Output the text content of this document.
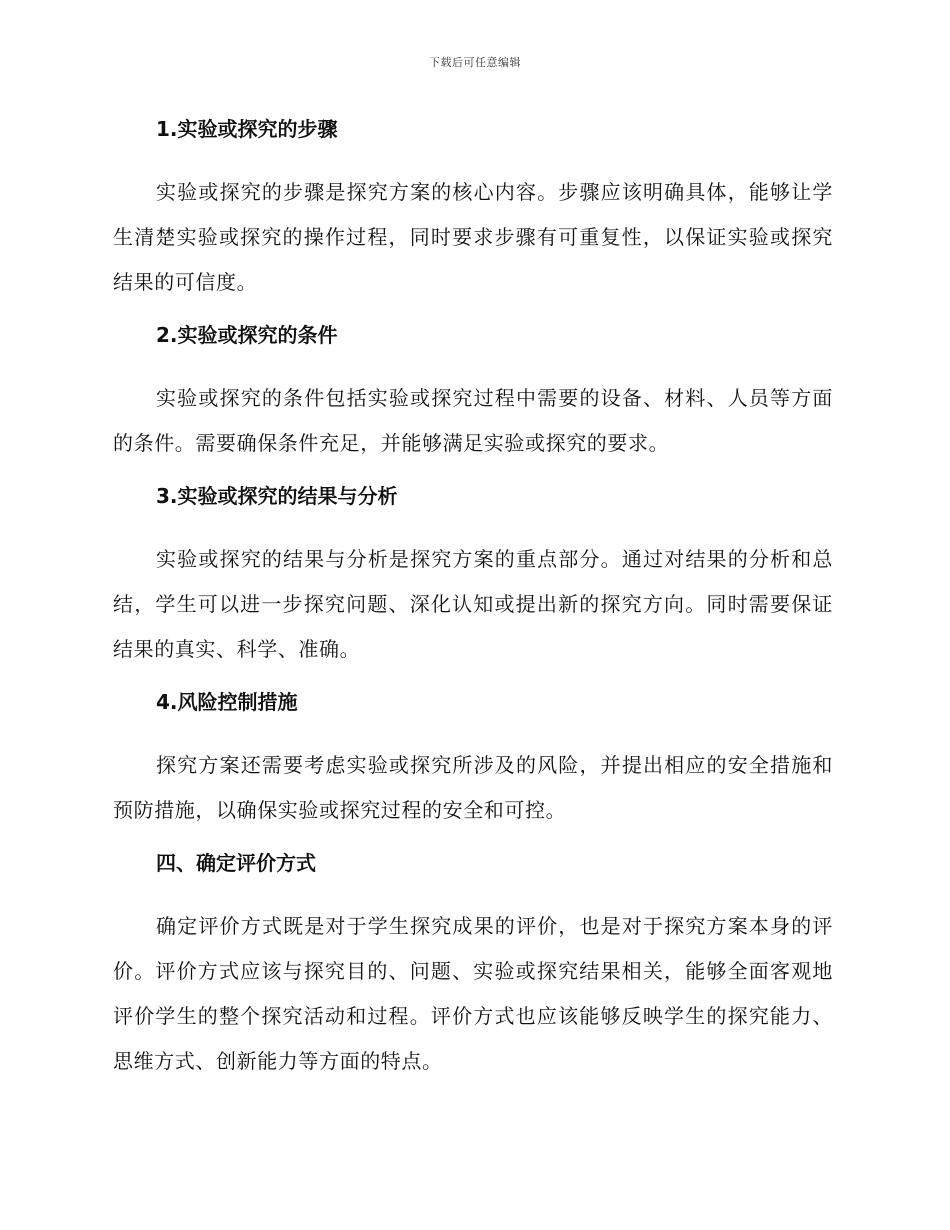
下载后可任意编辑
1.实验或探究的步骤

实验或探究的步骤是探究方案的核心内容。步骤应该明确具体，能够让学生清楚实验或探究的操作过程，同时要求步骤有可重复性，以保证实验或探究结果的可信度。

2.实验或探究的条件

实验或探究的条件包括实验或探究过程中需要的设备、材料、人员等方面的条件。需要确保条件充足，并能够满足实验或探究的要求。

3.实验或探究的结果与分析

实验或探究的结果与分析是探究方案的重点部分。通过对结果的分析和总结，学生可以进一步探究问题、深化认知或提出新的探究方向。同时需要保证结果的真实、科学、准确。

4.风险控制措施

探究方案还需要考虑实验或探究所涉及的风险，并提出相应的安全措施和预防措施，以确保实验或探究过程的安全和可控。

四、确定评价方式

确定评价方式既是对于学生探究成果的评价，也是对于探究方案本身的评价。评价方式应该与探究目的、问题、实验或探究结果相关，能够全面客观地评价学生的整个探究活动和过程。评价方式也应该能够反映学生的探究能力、思维方式、创新能力等方面的特点。
